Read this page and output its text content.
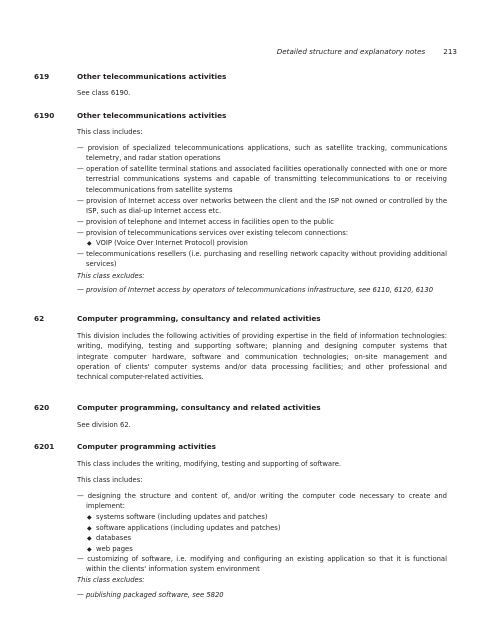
Detailed structure and explanatory notes	213
619	Other telecommunications activities
See class 6190.
6190	Other telecommunications activities
This class includes:
— provision of specialized telecommunications applications, such as satellite tracking, communications telemetry, and radar station operations
— operation of satellite terminal stations and associated facilities operationally connected with one or more terrestrial communications systems and capable of transmitting telecommunications to or receiving telecommunications from satellite systems
— provision of Internet access over networks between the client and the ISP not owned or controlled by the ISP, such as dial-up Internet access etc.
— provision of telephone and Internet access in facilities open to the public
— provision of telecommunications services over existing telecom connections:
◆ VOIP (Voice Over Internet Protocol) provision
— telecommunications resellers (i.e. purchasing and reselling network capacity without providing additional services)
This class excludes:
— provision of Internet access by operators of telecommunications infrastructure, see 6110, 6120, 6130
62	Computer programming, consultancy and related activities
This division includes the following activities of providing expertise in the field of information technologies: writing, modifying, testing and supporting software; planning and designing computer systems that integrate computer hardware, software and communication technologies; on-site management and operation of clients' computer systems and/or data processing facilities; and other professional and technical computer-related activities.
620	Computer programming, consultancy and related activities
See division 62.
6201	Computer programming activities
This class includes the writing, modifying, testing and supporting of software.
This class includes:
— designing the structure and content of, and/or writing the computer code necessary to create and implement:
◆ systems software (including updates and patches)
◆ software applications (including updates and patches)
◆ databases
◆ web pages
— customizing of software, i.e. modifying and configuring an existing application so that it is functional within the clients' information system environment
This class excludes:
— publishing packaged software, see 5820
